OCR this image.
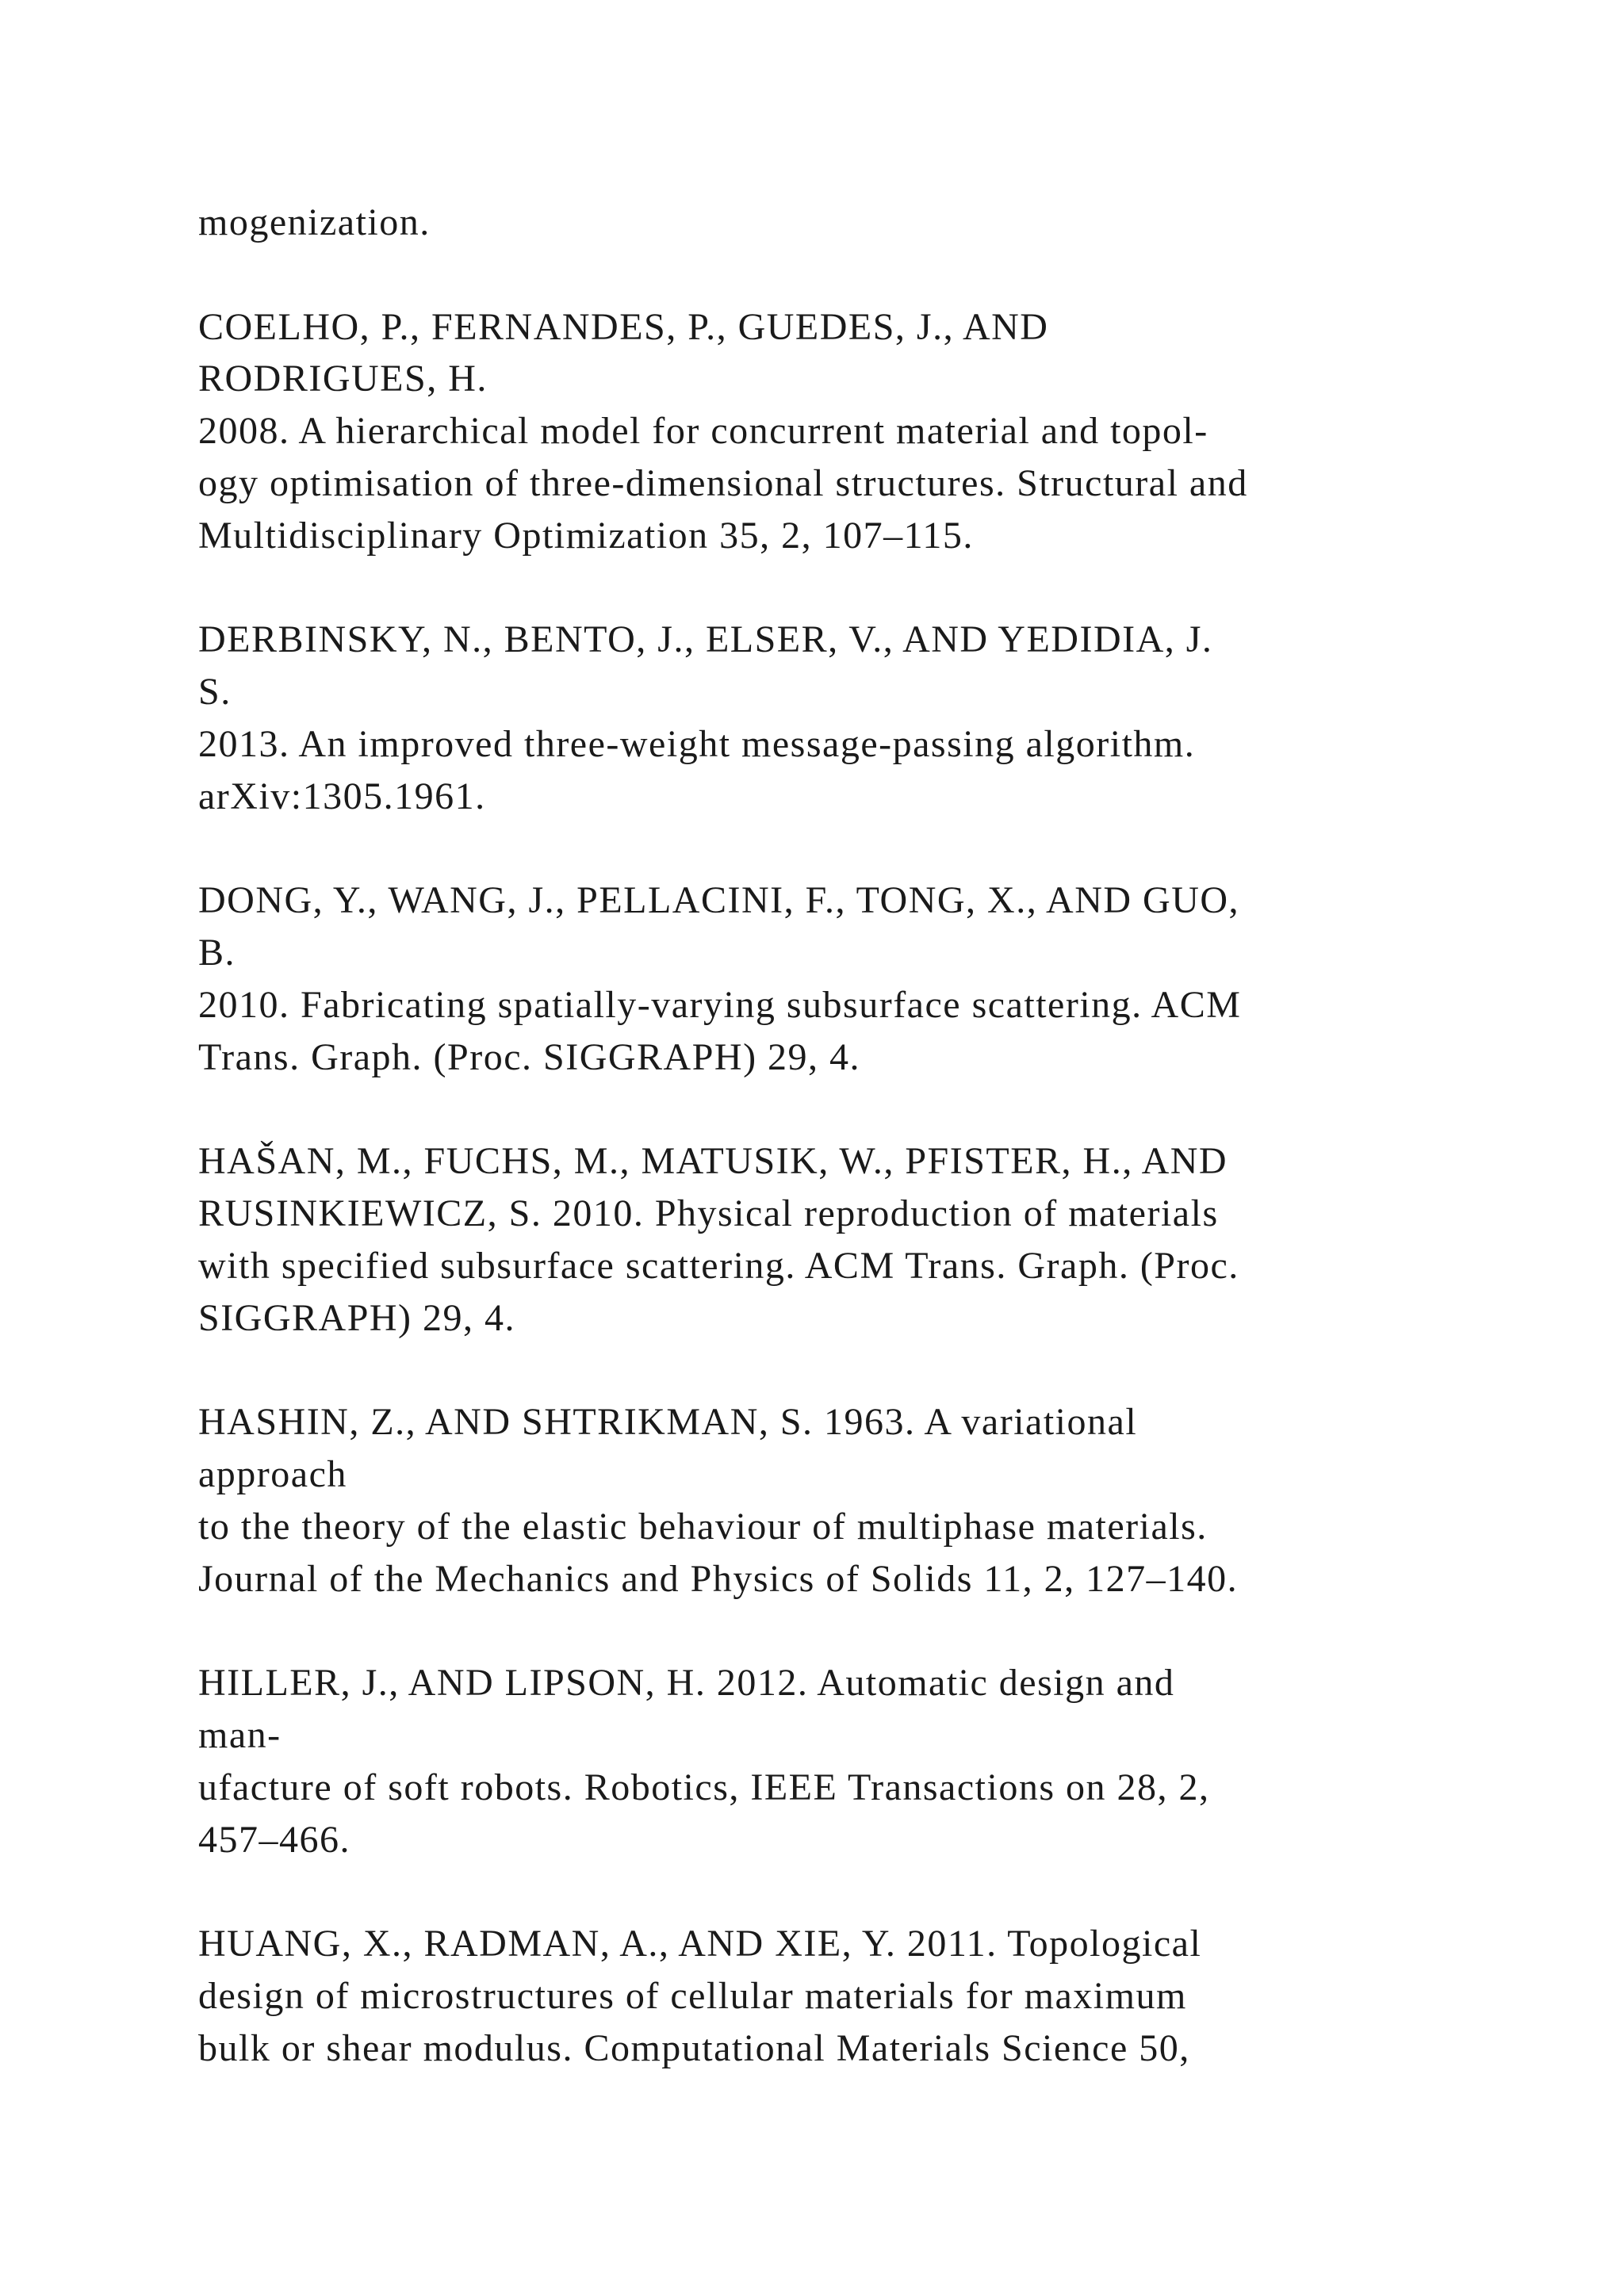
mogenization.
COELHO, P., FERNANDES, P., GUEDES, J., AND
RODRIGUES, H.
2008. A hierarchical model for concurrent material and topol-
ogy optimisation of three-dimensional structures. Structural and
Multidisciplinary Optimization 35, 2, 107–115.
DERBINSKY, N., BENTO, J., ELSER, V., AND YEDIDIA, J.
S.
2013. An improved three-weight message-passing algorithm.
arXiv:1305.1961.
DONG, Y., WANG, J., PELLACINI, F., TONG, X., AND GUO,
B.
2010. Fabricating spatially-varying subsurface scattering. ACM
Trans. Graph. (Proc. SIGGRAPH) 29, 4.
HAŠAN, M., FUCHS, M., MATUSIK, W., PFISTER, H., AND
RUSINKIEWICZ, S. 2010. Physical reproduction of materials
with specified subsurface scattering. ACM Trans. Graph. (Proc.
SIGGRAPH) 29, 4.
HASHIN, Z., AND SHTRIKMAN, S. 1963. A variational
approach
to the theory of the elastic behaviour of multiphase materials.
Journal of the Mechanics and Physics of Solids 11, 2, 127–140.
HILLER, J., AND LIPSON, H. 2012. Automatic design and
man-
ufacture of soft robots. Robotics, IEEE Transactions on 28, 2,
457–466.
HUANG, X., RADMAN, A., AND XIE, Y. 2011. Topological
design of microstructures of cellular materials for maximum
bulk or shear modulus. Computational Materials Science 50,
